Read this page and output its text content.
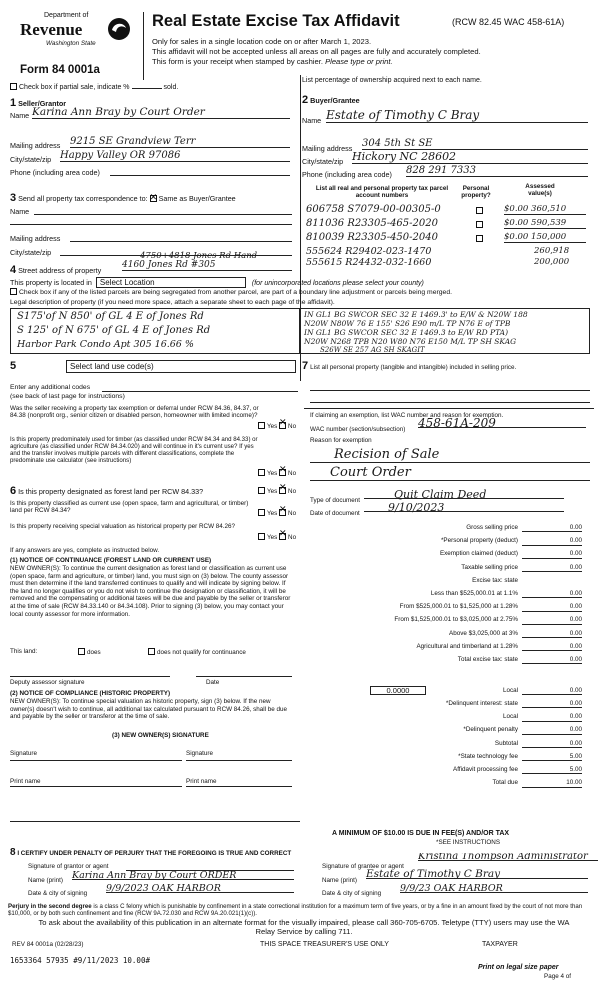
Department of
Revenue
Washington State
Form 84 0001a
Real Estate Excise Tax Affidavit	(RCW 82.45 WAC 458-61A)
Only for sales in a single location code on or after March 1, 2023.
This affidavit will not be accepted unless all areas on all pages are fully and accurately completed.
This form is your receipt when stamped by cashier. Please type or print.
Check box if partial sale, indicate %	sold.
List percentage of ownership acquired next to each name.
1 Seller/Grantor
Name Karina Ann Bray by Court Order
Mailing address 9215 SE Grandview Terr
City/state/zip Happy Valley OR 97086
Phone (including area code)
2 Buyer/Grantee
Name Estate of Timothy C Bray
Mailing address 304 5th St SE
City/state/zip Hickory NC 28602
Phone (including area code) 828 291 7333
3 Send all property tax correspondence to: ✕ Same as Buyer/Grantee
Name
Mailing address
City/state/zip
List all real and personal property tax parcel account numbers
Personal property?
Assessed value(s)
606758 S7079-00-00305-0	$0.00 360,510
811036 R23305-465-2020	$0.00 590,539
810039 R23305-450-2040	$0.00 150,000
555624 R29402-023-1470	260,918
555615 R24432-032-1660	200,000
4 Street address of property
4750+4818 Jones Rd Hand
4160 Jones Rd #305
This property is located in Select Location	(for unincorporated locations please select your county)
Check box if any of the listed parcels are being segregated from another parcel, are part of a boundary line adjustment or parcels being merged.
Legal description of property (if you need more space, attach a separate sheet to each page of the affidavit).
S175'of N 850' of GL 4 E of Jones Rd
S 125' of N 675' of GL 4 E of Jones Rd
Harbor Park Condo Apt 305 16.66 %
IN GL1 BG SWCOR SEC 32 E 1469.3' to E/W & N20W 188
N20W N80W 76 E 155' S26 E90 m/L TP N76 E of TPB
IN GL1 BG SWCOR SEC 32 E 1469.3 to E/W RD PTA)
N20W N268 TPB N20 W80 N76 E150 M/L TP SH SKAG
S26W SE 257 AG SH SKAGIT
5	Select land use code(s)
Enter any additional codes
(see back of last page for instructions)
7 List all personal property (tangible and intangible) included in selling price.
Was the seller receiving a property tax exemption or deferral under RCW 84.36, 84.37, or 84.38 (nonprofit org., senior citizen or disabled person, homeowner with limited income)?
Yes ✕ No
Is this property predominately used for timber (as classified under RCW 84.34 and 84.33) or agriculture (as classified under RCW 84.34.020) and will continue in it's current use? If yes and the transfer involves multiple parcels with different classifications, complete the predominate use calculator (see instructions)
Yes ✕ No
6 Is this property designated as forest land per RCW 84.33?	Yes ✕ No
Is this property classified as current use (open space, farm and agricultural, or timber) land per RCW 84.34?	Yes ✕ No
Is this property receiving special valuation as historical property per RCW 84.26?
Yes ✕ No
If any answers are yes, complete as instructed below.
(1) NOTICE OF CONTINUANCE (FOREST LAND OR CURRENT USE)
NEW OWNER(S): To continue the current designation as forest land or classification as current use (open space, farm and agriculture, or timber) land, you must sign on (3) below. The county assessor must then determine if the land transferred continues to qualify and will indicate by signing below. If the land no longer qualifies or you do not wish to continue the designation or classification, it will be removed and the compensating or additional taxes will be due and payable by the seller or transferor at the time of sale (RCW 84.33.140 or 84.34.108). Prior to signing (3) below, you may contact your local county assessor for more information.
This land:	does	does not qualify for continuance
Deputy assessor signature	Date
(2) NOTICE OF COMPLIANCE (HISTORIC PROPERTY)
NEW OWNER(S): To continue special valuation as historic property, sign (3) below. If the new owner(s) doesn't wish to continue, all additional tax calculated pursuant to RCW 84.26, shall be due and payable by the seller or transferor at the time of sale.
(3) NEW OWNER(S) SIGNATURE
Signature	Signature
Print name	Print name
If claiming an exemption, list WAC number and reason for exemption.
WAC number (section/subsection) 458-61A-209
Reason for exemption
Recision of Sale
Court Order
Type of document	Quit Claim Deed
Date of document	9/10/2023
Gross selling price	0.00
*Personal property (deduct)	0.00
Exemption claimed (deduct)	0.00
Taxable selling price	0.00
Excise tax: state
Less than $525,000.01 at 1.1%	0.00
From $525,000.01 to $1,525,000 at 1.28%	0.00
From $1,525,000.01 to $3,025,000 at 2.75%	0.00
Above $3,025,000 at 3%	0.00
Agricultural and timberland at 1.28%	0.00
Total excise tax: state	0.00
*Delinquent interest: state	0.00
Local	0.00
*Delinquent penalty	0.00
Subtotal	0.00
*State technology fee	5.00
Affidavit processing fee	5.00
Total due	10.00
0.0000	Local	0.00
A MINIMUM OF $10.00 IS DUE IN FEE(S) AND/OR TAX
*SEE INSTRUCTIONS
8 I CERTIFY UNDER PENALTY OF PERJURY THAT THE FOREGOING IS TRUE AND CORRECT
Signature of grantor or agent
Name (print) Karina Ann Bray by Court ORDER
Date & city of signing 9/9/2023 OAK HARBOR
Signature of grantee or agent
Kristina Thompson Administrator
Name (print)
Estate of Timothy C Bray
Date & city of signing 9/9/23 OAK HARBOR
Perjury in the second degree is a class C felony which is punishable by confinement in a state correctional institution for a maximum term of five years, or by a fine in an amount fixed by the court of not more than $10,000, or by both such confinement and fine (RCW 9A.72.030 and RCW 9A.20.021(1)(c)).
To ask about the availability of this publication in an alternate format for the visually impaired, please call 360-705-6705. Teletype (TTY) users may use the WA Relay Service by calling 711.
REV 84 0001a (02/28/23)	THIS SPACE TREASURER'S USE ONLY	TAXPAYER
1653364 57935 #9/11/2023 10.00#
Print on legal size paper
Page 4 of
